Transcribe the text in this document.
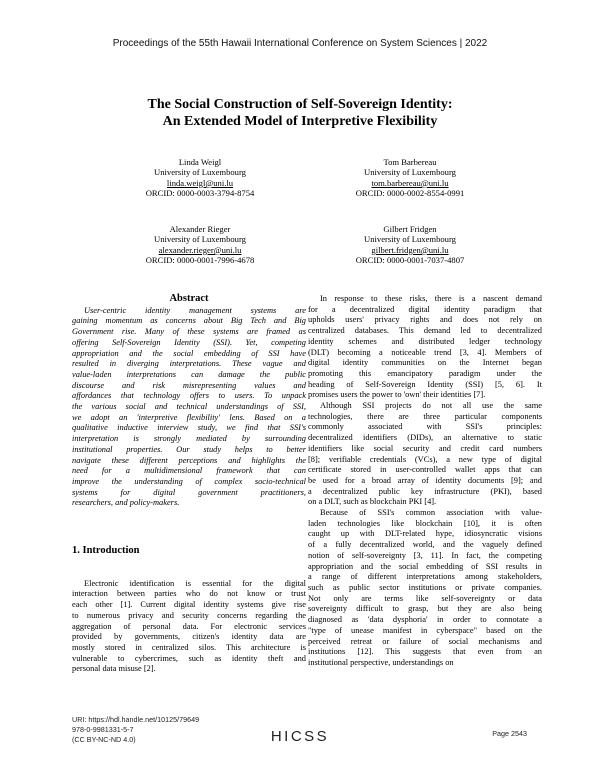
Proceedings of the 55th Hawaii International Conference on System Sciences | 2022
The Social Construction of Self-Sovereign Identity:
An Extended Model of Interpretive Flexibility
Linda Weigl
University of Luxembourg
linda.weigl@uni.lu
ORCID: 0000-0003-3794-8754
Tom Barbereau
University of Luxembourg
tom.barbereau@uni.lu
ORCID: 0000-0002-8554-0991
Alexander Rieger
University of Luxembourg
alexander.rieger@uni.lu
ORCID: 0000-0001-7996-4678
Gilbert Fridgen
University of Luxembourg
gilbert.fridgen@uni.lu
ORCID: 0000-0001-7037-4807
Abstract
User-centric identity management systems are
gaining momentum as concerns about Big Tech and Big
Government rise. Many of these systems are framed as
offering Self-Sovereign Identity (SSI). Yet, competing
appropriation and the social embedding of SSI have
resulted in diverging interpretations. These vague and
value-laden interpretations can damage the public
discourse and risk misrepresenting values and
affordances that technology offers to users. To unpack
the various social and technical understandings of SSI,
we adopt an 'interpretive flexibility' lens. Based on a
qualitative inductive interview study, we find that SSI's
interpretation is strongly mediated by surrounding
institutional properties. Our study helps to better
navigate these different perceptions and highlights the
need for a multidimensional framework that can
improve the understanding of complex socio-technical
systems for digital government practitioners,
researchers, and policy-makers.
1. Introduction
Electronic identification is essential for the digital
interaction between parties who do not know or trust
each other [1]. Current digital identity systems give rise
to numerous privacy and security concerns regarding the
aggregation of personal data. For electronic services
provided by governments, citizen's identity data are
mostly stored in centralized silos. This architecture is
vulnerable to cybercrimes, such as identity theft and
personal data misuse [2].
In response to these risks, there is a nascent demand
for a decentralized digital identity paradigm that
upholds users' privacy rights and does not rely on
centralized databases. This demand led to decentralized
identity schemes and distributed ledger technology
(DLT) becoming a noticeable trend [3, 4]. Members of
digital identity communities on the Internet began
promoting this emancipatory paradigm under the
heading of Self-Sovereign Identity (SSI) [5, 6]. It
promises users the power to 'own' their identities [7].
Although SSI projects do not all use the same
technologies, there are three particular components
commonly associated with SSI's principles:
decentralized identifiers (DIDs), an alternative to static
identifiers like social security and credit card numbers
[8]; verifiable credentials (VCs), a new type of digital
certificate stored in user-controlled wallet apps that can
be used for a broad array of identity documents [9]; and
a decentralized public key infrastructure (PKI), based
on a DLT, such as blockchain PKI [4].
Because of SSI's common association with value-
laden technologies like blockchain [10], it is often
caught up with DLT-related hype, idiosyncratic visions
of a fully decentralized world, and the vaguely defined
notion of self-sovereignty [3, 11]. In fact, the competing
appropriation and the social embedding of SSI results in
a range of different interpretations among stakeholders,
such as public sector institutions or private companies.
Not only are terms like self-sovereignty or data
sovereignty difficult to grasp, but they are also being
diagnosed as 'data dysphoria' in order to connotate a
"type of unease manifest in cyberspace" based on the
perceived retreat or failure of social mechanisms and
institutions [12]. This suggests that even from an
institutional perspective, understandings on
URI: https://hdl.handle.net/10125/79649
978-0-9981331-5-7
(CC BY-NC-ND 4.0)	HICSS	Page 2543
